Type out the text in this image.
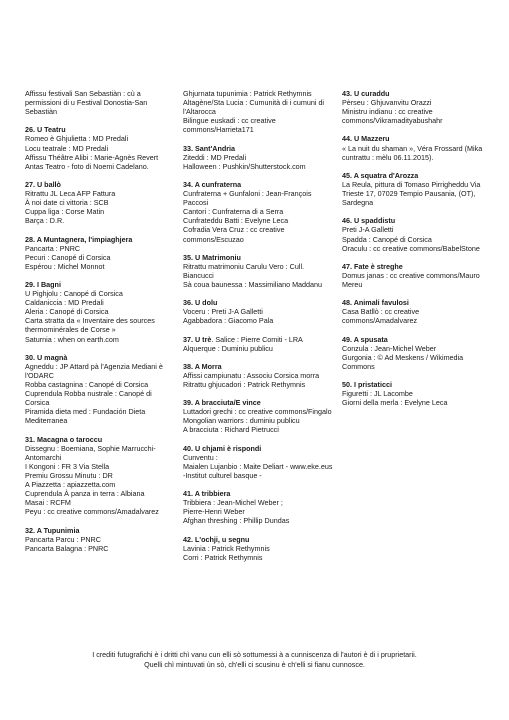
Affissu festivali San Sebastiàn : cù a permissioni di u Festival Donostia-San Sebastiàn
26. U Teatru
Romeo è Ghjulietta : MD Predali
Locu teatrale : MD Predali
Affissu Théâtre Alibi : Marie-Agnès Revert
Antas Teatro - foto di Noemi Cadelano.
27. U ballò
Ritrattu JL Leca AFP Fattura
À noi date ci vittoria : SCB
Cuppa liga : Corse Matin
Barça : D.R.
28. A Muntagnera, l'impiaghjera
Pancarta : PNRC
Pecuri : Canopé di Corsica
Espérou : Michel Monnot
29. I Bagni
U Pighjolu : Canopé di Corsica
Caldaniccia : MD Predali
Aleria : Canopé di Corsica
Carta stratta da « Inventaire des sources thermominérales de Corse »
Saturnia : when on earth.com
30. U magnà
Agneddu : JP Attard pà l'Agenzia Mediani è l'ODARC
Robba castagnina : Canopé di Corsica
Cuprendula Robba nustrale : Canopé di Corsica
Piramida dieta med : Fundación Dieta Mediterranea
31. Macagna o taroccu
Dissegnu : Boemiana, Sophie Marrucchi-Antomarchi
I Kongoni : FR 3 Via Stella
Premiu Grossu Minutu : DR
A Piazzetta : apiazzetta.com
Cuprendula À panza in terra : Albiana
Masai : RCFM
Peyu : cc creative commons/Amadalvarez
32. A Tupunimia
Pancarta Parcu : PNRC
Pancarta Balagna : PNRC
Ghjurnata tupunimia : Patrick Rethymnis
Altagène/Sta Lucia : Cumunità di i cumuni di l'Altarocca
Bilingue euskadi : cc creative commons/Harrieta171
33. Sant'Andria
Ziteddi : MD Predali
Halloween : Pushkin/Shutterstock.com
34. A cunfraterna
Cunfraterna + Gunfaloni : Jean-François Paccosi
Cantori : Cunfraterna di a Serra
Cunfrateddu Batti : Evelyne Leca
Cofradia Vera Cruz : cc creative commons/Escuzao
35. U Matrimoniu
Ritrattu matrimoniu Carulu Vero : Cull. Biancucci
Sà coua baunessa : Massimiliano Maddanu
36. U dolu
Voceru : Preti J-A Galletti
Agabbadora : Giacomo Pala
37. U trè. Salice : Pierre Comiti - LRA
Alquerque : Duminiu publicu
38. A Morra
Affissi campiunatu : Associu Corsica morra
Ritrattu ghjucadori : Patrick Rethymnis
39. A bracciuta/E vince
Luttadori grechi : cc creative commons/Fingalo
Mongolian warriors : duminiu publicu
A bracciuta : Richard Pietrucci
40. U chjami è rispondi
Cunventu :
Maialen Lujanbio : Maite Deliart - www.eke.eus -Institut culturel basque -
41. A tribbiera
Tribbiera : Jean-Michel Weber ;
Pierre-Henri Weber
Afghan threshing : Phillip Dundas
42. L'ochji, u segnu
Lavinia : Patrick Rethymnis
Corri : Patrick Rethymnis
43. U curaddu
Pèrseu : Ghjuvanvitu Orazzi
Ministru indianu : cc creative commons/Vikramadityabushahr
44. U Mazzeru
« La nuit du shaman », Véra Frossard (Mika cuntrattu : mèlu 06.11.2015).
45. A squatra d'Arozza
La Reula, pittura di Tomaso Pirrigheddu Via Trieste 17, 07029 Tempio Pausania, (OT), Sardegna
46. U spaddistu
Preti J-A Galletti
Spadda : Canopé di Corsica
Oraculu : cc creative commons/BabelStone
47. Fate è streghe
Domus janas : cc creative commons/Mauro Mereu
48. Animali favulosi
Casa Batllò : cc creative commons/Amadalvarez
49. A spusata
Conzula : Jean-Michel Weber
Gurgonia : © Ad Meskens / Wikimedia Commons
50. I pristaticci
Figuretti : JL Lacombe
Giorni della merla : Evelyne Leca
I crediti futugrafichi è i dritti chì vanu cun elli sò sottumessi à a cunniscenza di l'autori è di i pruprietarii.
Quelli chì mintuvati ùn sò, ch'elli ci scusinu è ch'elli si fianu cunnosce.
